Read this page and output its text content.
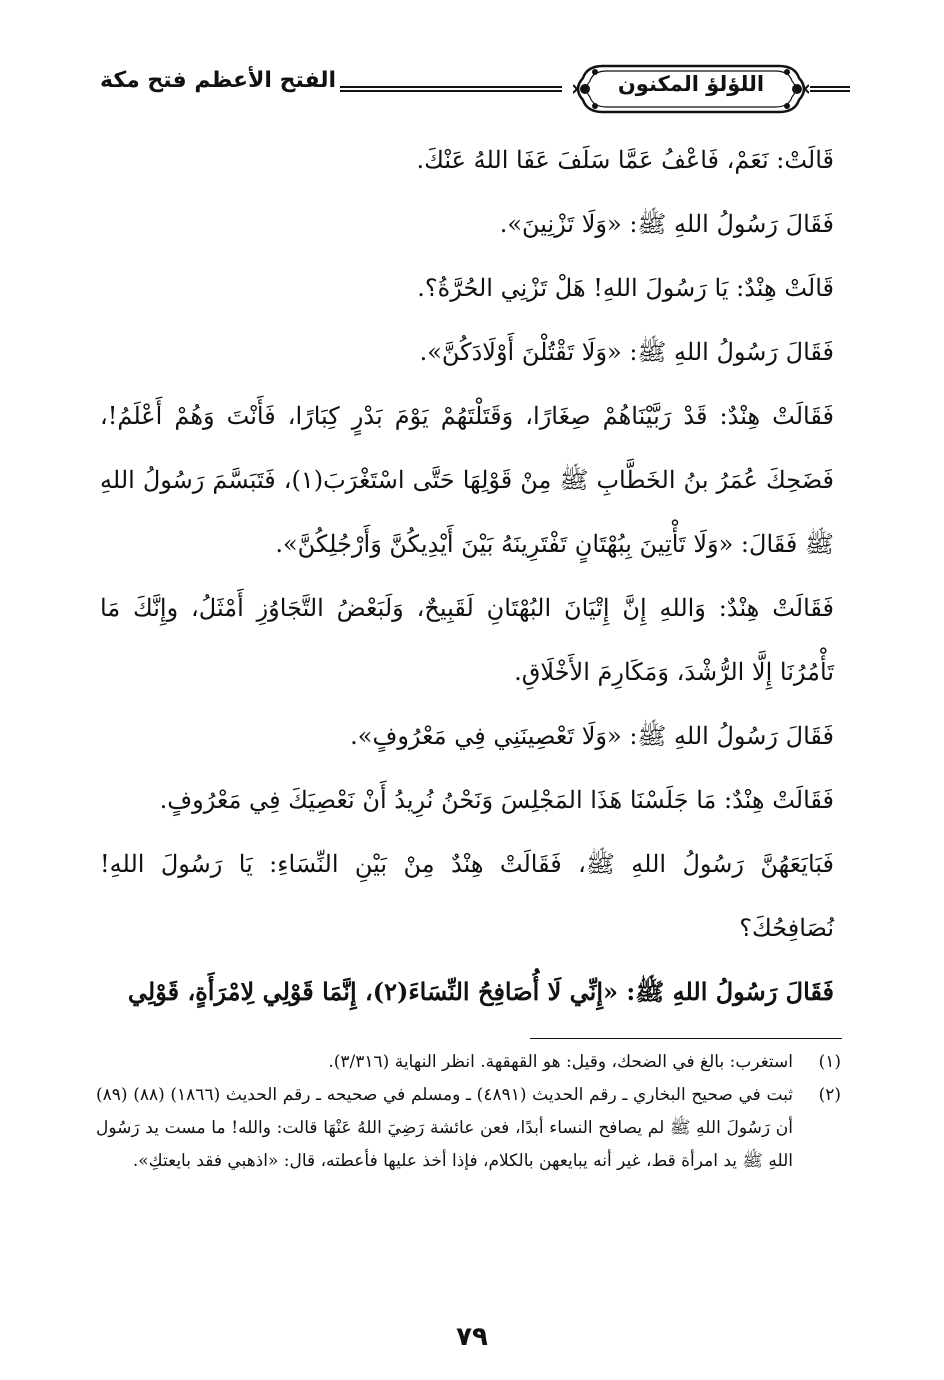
الفتح الأعظم فتح مكة	اللؤلؤ المكنون

قَالَتْ: نَعَمْ، فَاعْفُ عَمَّا سَلَفَ عَفَا اللهُ عَنْكَ.

فَقَالَ رَسُولُ اللهِ ﷺ: «وَلَا تَزْنِينَ».

قَالَتْ هِنْدٌ: يَا رَسُولَ اللهِ! هَلْ تَزْنِي الحُرَّةُ؟.

فَقَالَ رَسُولُ اللهِ ﷺ: «وَلَا تَقْتُلْنَ أَوْلَادَكُنَّ».

فَقَالَتْ هِنْدٌ: قَدْ رَبَّيْنَاهُمْ صِغَارًا، وَقَتَلْتَهُمْ يَوْمَ بَدْرٍ كِبَارًا، فَأَنْتَ وَهُمْ أَعْلَمُ!، فَضَحِكَ عُمَرُ بنُ الخَطَّابِ ﷺ مِنْ قَوْلِهَا حَتَّى اسْتَغْرَبَ(١)، فَتَبَسَّمَ رَسُولُ اللهِ ﷺ فَقَالَ: «وَلَا تَأْتِينَ بِبُهْتَانٍ تَفْتَرِينَهُ بَيْنَ أَيْدِيكُنَّ وَأَرْجُلِكُنَّ».

فَقَالَتْ هِنْدٌ: وَاللهِ إِنَّ إِتْيَانَ البُهْتَانِ لَقَبِيحٌ، وَلَبَعْضُ التَّجَاوُزِ أَمْثَلُ، وإِنَّكَ مَا تَأْمُرُنَا إِلَّا الرُّشْدَ، وَمَكَارِمَ الأَخْلَاقِ.

فَقَالَ رَسُولُ اللهِ ﷺ: «وَلَا تَعْصِينَنِي فِي مَعْرُوفٍ».

فَقَالَتْ هِنْدٌ: مَا جَلَسْنَا هَذَا المَجْلِسَ وَنَحْنُ نُرِيدُ أَنْ نَعْصِيَكَ فِي مَعْرُوفٍ.

فَبَايَعَهُنَّ رَسُولُ اللهِ ﷺ، فَقَالَتْ هِنْدٌ مِنْ بَيْنِ النِّسَاءِ: يَا رَسُولَ اللهِ! نُصَافِحُكَ؟

فَقَالَ رَسُولُ اللهِ ﷺ: «إِنِّي لَا أُصَافِحُ النِّسَاءَ(٢)، إِنَّمَا قَوْلِي لِامْرَأَةٍ، قَوْلِي

(١)
استغرب: بالغ في الضحك، وقيل: هو القهقهة. انظر النهاية (٣/٣١٦).
(٢)
ثبت في صحيح البخاري ـ رقم الحديث (٤٨٩١) ـ ومسلم في صحيحه ـ رقم الحديث (١٨٦٦) (٨٨) (٨٩) أن رَسُولَ اللهِ ﷺ لم يصافح النساء أبدًا، فعن عائشة رَضِيَ اللهُ عَنْهَا قالت: والله! ما مست يد رَسُول اللهِ ﷺ يد امرأة قط، غير أنه يبايعهن بالكلام، فإذا أخذ عليها فأعطته، قال: «اذهبي فقد بايعتكِ».
٧٩
